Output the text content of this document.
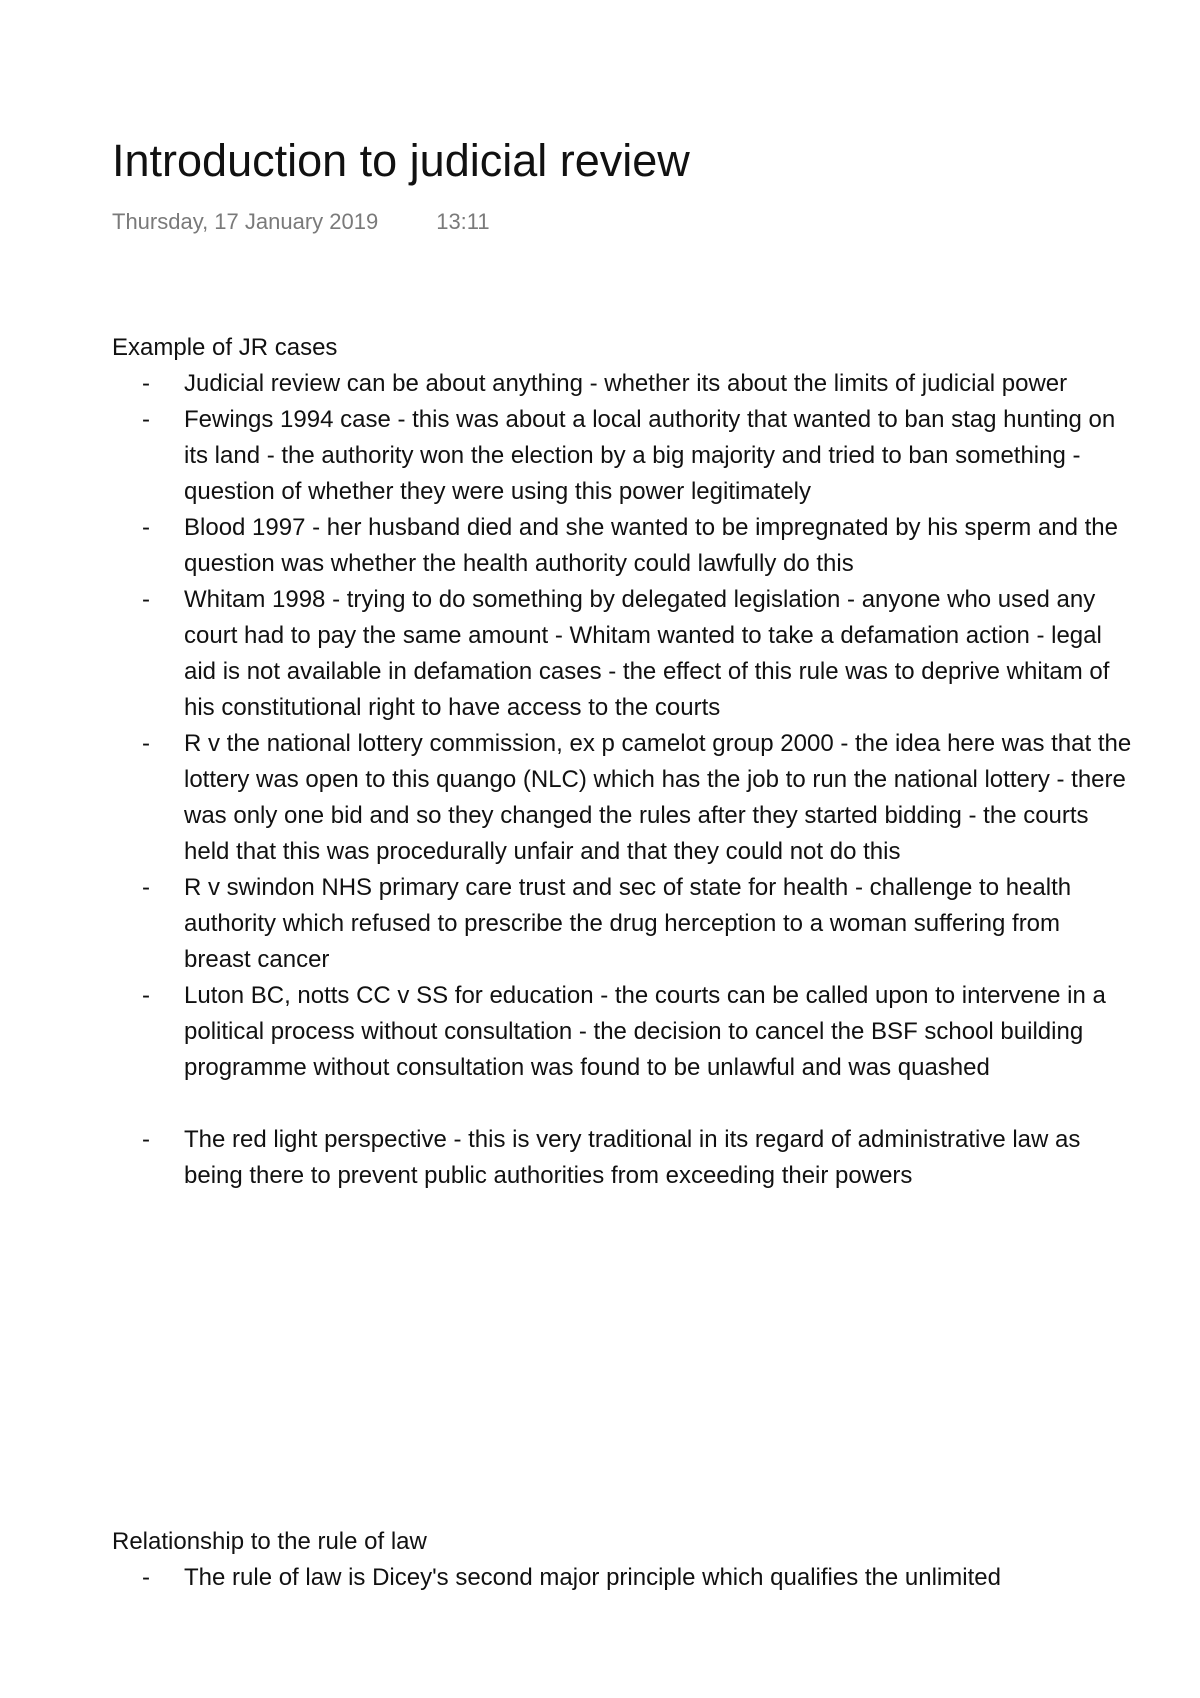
Introduction to judicial review
Thursday, 17 January 2019	13:11
Example of JR cases
-	Judicial review can be about anything - whether its about the limits of judicial power
-	Fewings 1994 case - this was about a local authority that wanted to ban stag hunting on its land - the authority won the election by a big majority and tried to ban something - question of whether they were using this power legitimately
-	Blood 1997 - her husband died and she wanted to be impregnated by his sperm and the question was whether the health authority could lawfully do this
-	Whitam 1998 - trying to do something by delegated legislation - anyone who used any court had to pay the same amount - Whitam wanted to take a defamation action - legal aid is not available in defamation cases - the effect of this rule was to deprive whitam of his constitutional right to have access to the courts
-	R v the national lottery commission, ex p camelot group 2000 - the idea here was that the lottery was open to this quango (NLC) which has the job to run the national lottery - there was only one bid and so they changed the rules after they started bidding - the courts held that this was procedurally unfair and that they could not do this
-	R v swindon NHS primary care trust and sec of state for health - challenge to health authority which refused to prescribe the drug herception to a woman suffering from breast cancer
-	Luton BC, notts CC v SS for education - the courts can be called upon to intervene in a political process without consultation - the decision to cancel the BSF school building programme without consultation was found to be unlawful and was quashed
-	The red light perspective - this is very traditional in its regard of administrative law as being there to prevent public authorities from exceeding their powers
Relationship to the rule of law
-	The rule of law is Dicey's second major principle which qualifies the unlimited
